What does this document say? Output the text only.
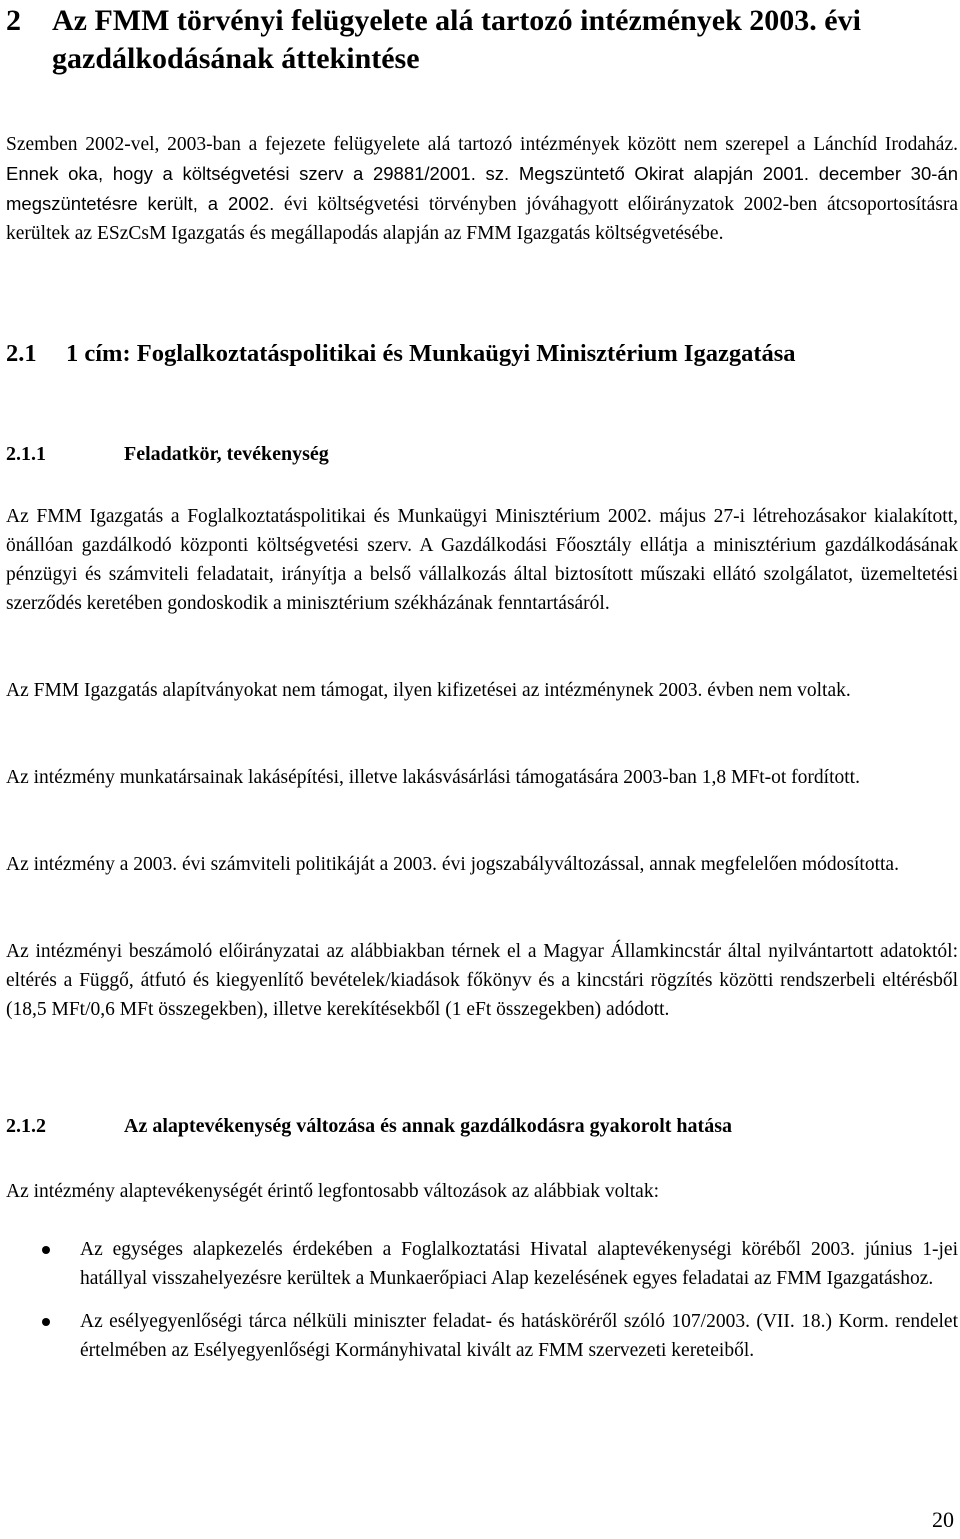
2 Az FMM törvényi felügyelete alá tartozó intézmények 2003. évi
gazdálkodásának áttekintése

Szemben 2002-vel, 2003-ban a fejezete felügyelete alá tartozó intézmények között nem szerepel a Lánchíd Irodaház. Ennek oka, hogy a költségvetési szerv a 29881/2001. sz. Megszüntető Okirat alapján 2001. december 30-án megszüntetésre került, a 2002. évi költségvetési törvényben jóváhagyott előirányzatok 2002-ben átcsoportosításra kerültek az ESzCsM Igazgatás és megállapodás alapján az FMM Igazgatás költségvetésébe.

2.1 1 cím: Foglalkoztatáspolitikai és Munkaügyi Minisztérium Igazgatása
2.1.1	Feladatkör, tevékenység

Az FMM Igazgatás a Foglalkoztatáspolitikai és Munkaügyi Minisztérium 2002. május 27-i létrehozásakor kialakított, önállóan gazdálkodó központi költségvetési szerv. A Gazdálkodási Főosztály ellátja a minisztérium gazdálkodásának pénzügyi és számviteli feladatait, irányítja a belső vállalkozás által biztosított műszaki ellátó szolgálatot, üzemeltetési szerződés keretében gondoskodik a minisztérium székházának fenntartásáról.

Az FMM Igazgatás alapítványokat nem támogat, ilyen kifizetései az intézménynek 2003. évben nem voltak.

Az intézmény munkatársainak lakásépítési, illetve lakásvásárlási támogatására 2003-ban 1,8 MFt-ot fordított.

Az intézmény a 2003. évi számviteli politikáját a 2003. évi jogszabályváltozással, annak megfelelően módosította.

Az intézményi beszámoló előirányzatai az alábbiakban térnek el a Magyar Államkincstár által nyilvántartott adatoktól: eltérés a Függő, átfutó és kiegyenlítő bevételek/kiadások főkönyv és a kincstári rögzítés közötti rendszerbeli eltérésből (18,5 MFt/0,6 MFt összegekben), illetve kerekítésekből (1 eFt összegekben) adódott.

2.1.2	Az alaptevékenység változása és annak gazdálkodásra gyakorolt hatása

Az intézmény alaptevékenységét érintő legfontosabb változások az alábbiak voltak:

Az egységes alapkezelés érdekében a Foglalkoztatási Hivatal alaptevékenységi köréből 2003. június 1-jei hatállyal visszahelyezésre kerültek a Munkaerőpiaci Alap kezelésének egyes feladatai az FMM Igazgatáshoz.
Az esélyegyenlőségi tárca nélküli miniszter feladat- és hatásköréről szóló 107/2003. (VII. 18.) Korm. rendelet értelmében az Esélyegyenlőségi Kormányhivatal kivált az FMM szervezeti kereteiből.
20
